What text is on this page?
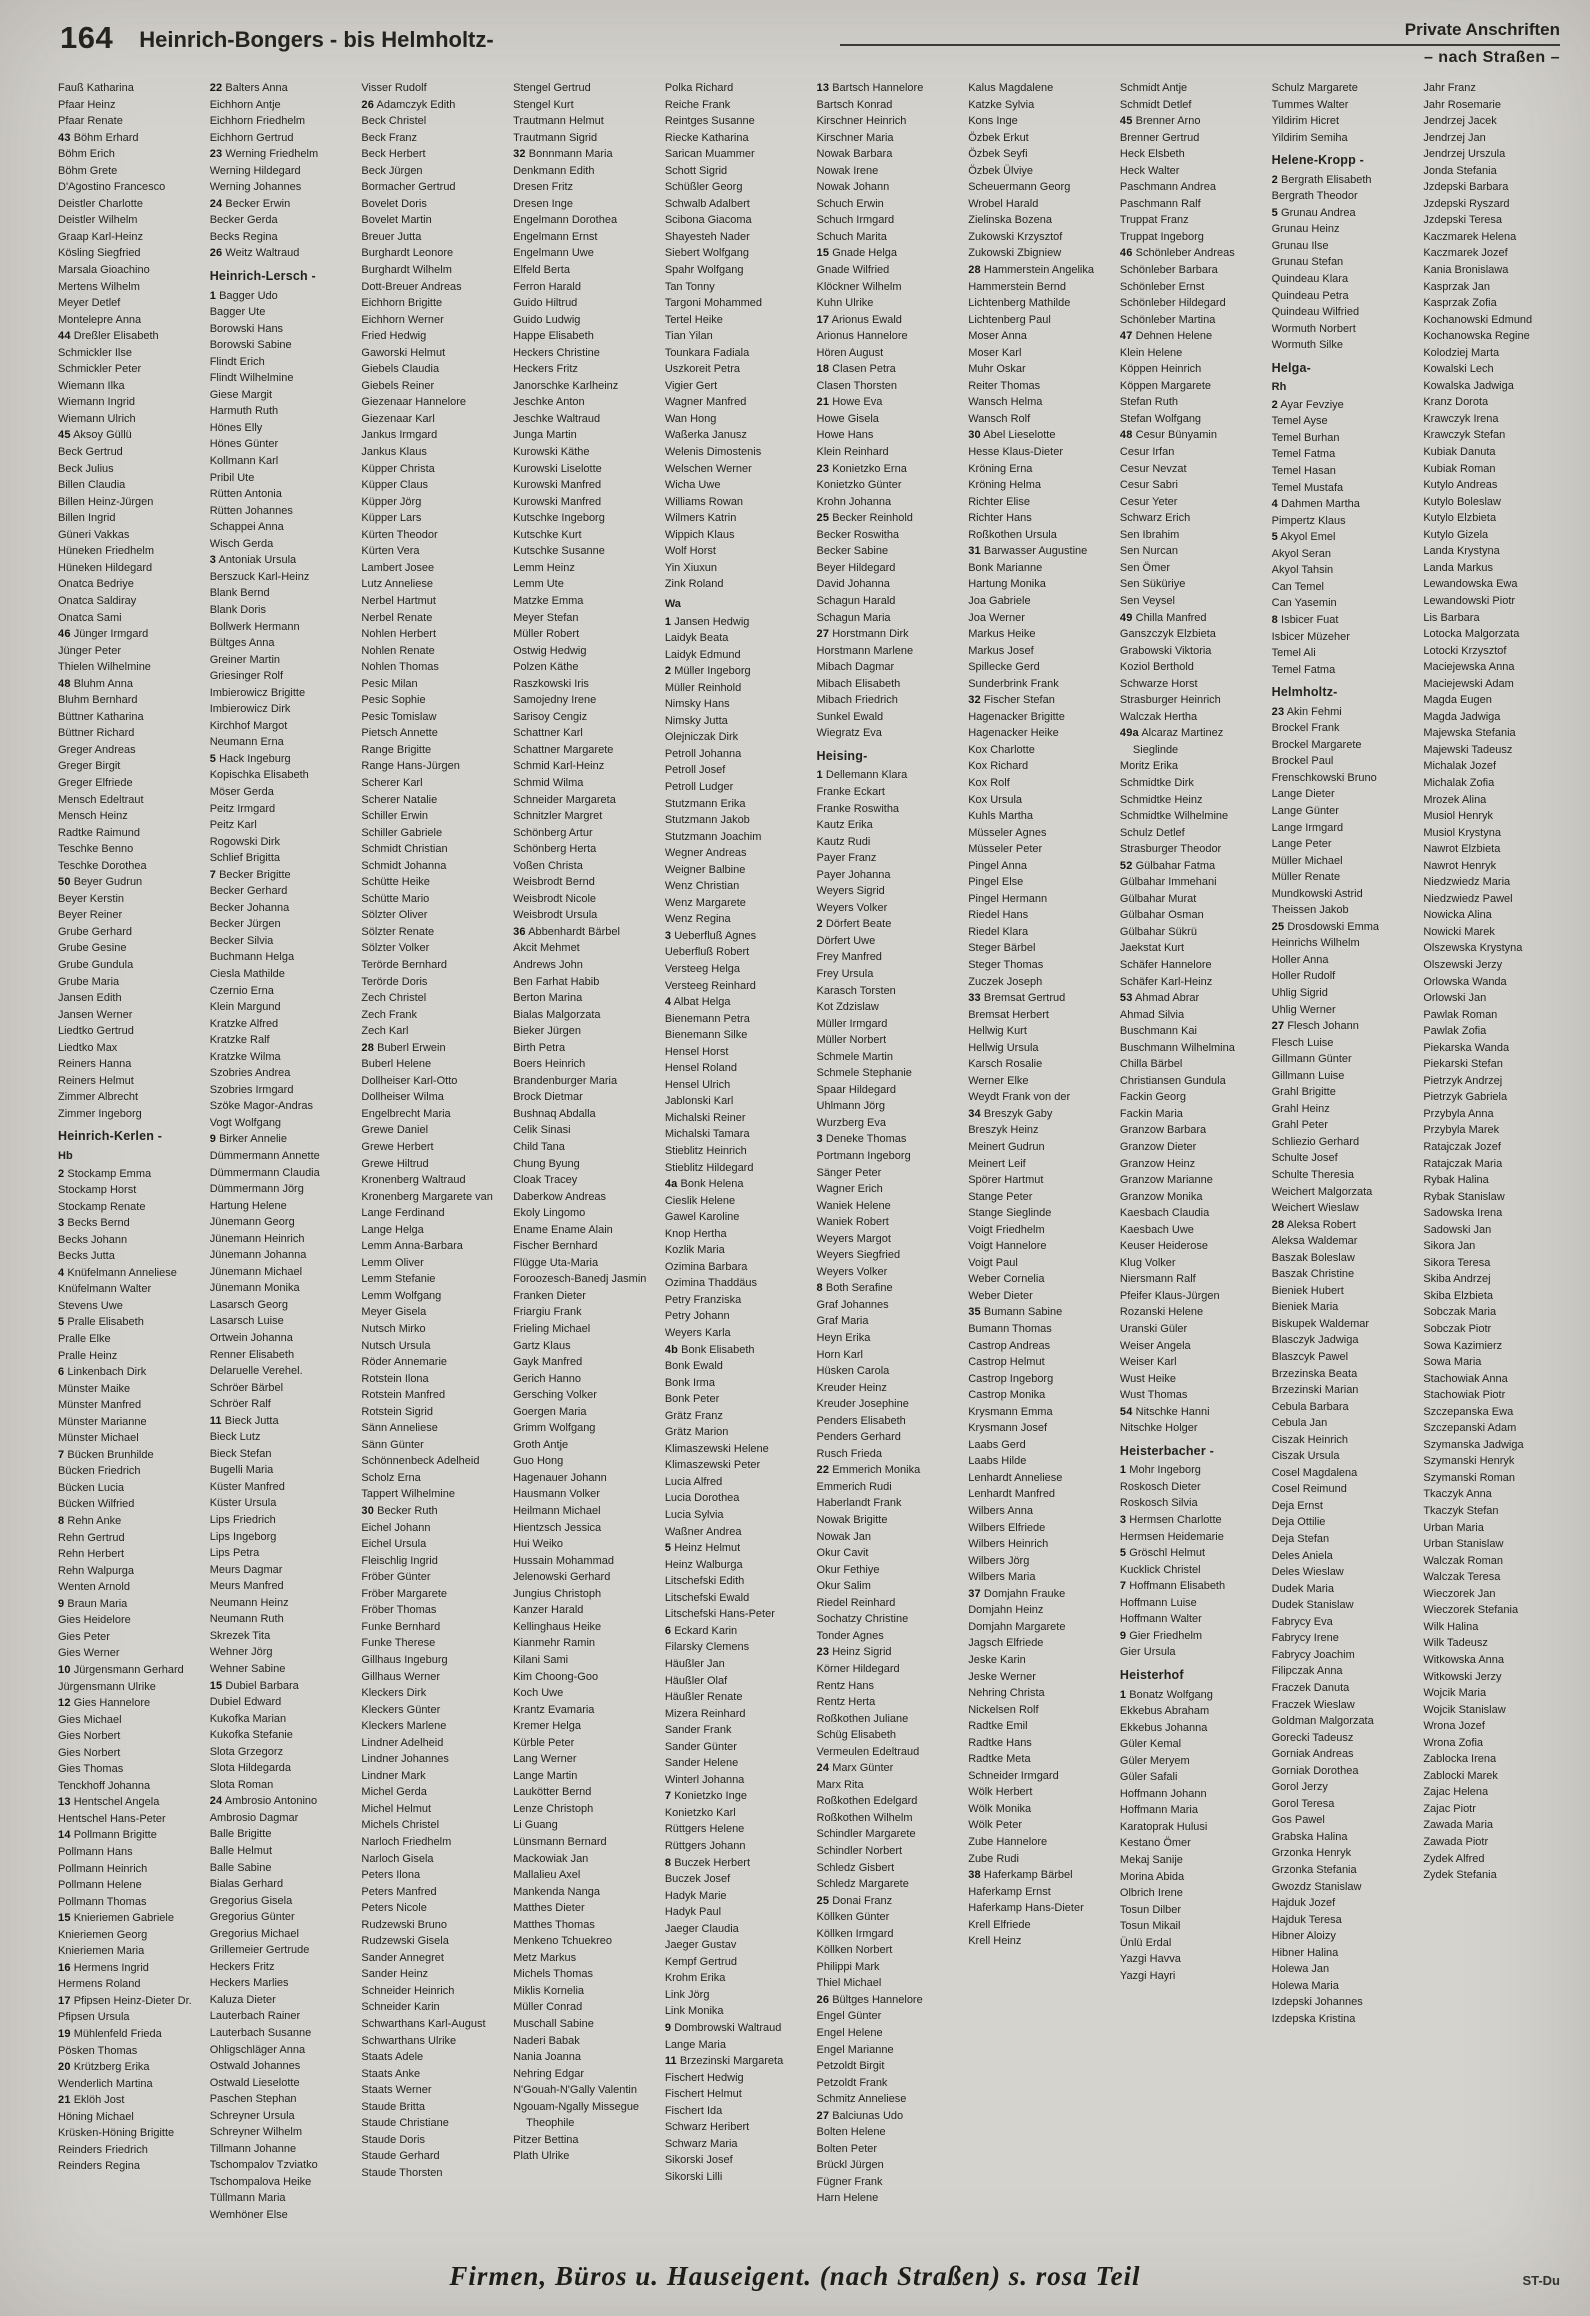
164 Heinrich-Bongers - bis Helmholtz-	Private Anschriften
– nach Straßen –
Fauß Katharina
Pfaar Heinz
Pfaar Renate
43 Böhm Erhard
Böhm Erich
Böhm Grete
D'Agostino Francesco
Deistler Charlotte
Deistler Wilhelm
Graap Karl-Heinz
Kösling Siegfried
Marsala Gioachino
Mertens Wilhelm
Meyer Detlef
Montelepre Anna
44 Dreßler Elisabeth
Schmickler Ilse
Schmickler Peter
Wiemann Ilka
Wiemann Ingrid
Wiemann Ulrich
45 Aksoy Güllü
Beck Gertrud
Beck Julius
Billen Claudia
Billen Heinz-Jürgen
Billen Ingrid
Güneri Vakkas
Hüneken Friedhelm
Hüneken Hildegard
Onatca Bedriye
Onatca Saldiray
Onatca Sami
46 Jünger Irmgard
Jünger Peter
Thielen Wilhelmine
48 Bluhm Anna
Bluhm Bernhard
Büttner Katharina
Büttner Richard
Greger Andreas
Greger Birgit
Greger Elfriede
Mensch Edeltraut
Mensch Heinz
Radtke Raimund
Teschke Benno
Teschke Dorothea
50 Beyer Gudrun
Beyer Kerstin
Beyer Reiner
Grube Gerhard
Grube Gesine
Grube Gundula
Grube Maria
Jansen Edith
Jansen Werner
Liedtko Gertrud
Liedtko Max
Reiners Hanna
Reiners Helmut
Zimmer Albrecht
Zimmer Ingeborg
Heinrich-Kerlen -
Hb
2 Stockamp Emma
Stockamp Horst
Stockamp Renate
3 Becks Bernd
Becks Johann
Becks Jutta
4 Knüfelmann Anneliese
Knüfelmann Walter
Stevens Uwe
5 Pralle Elisabeth
Pralle Elke
Pralle Heinz
6 Linkenbach Dirk
Münster Maike
Münster Manfred
Münster Marianne
Münster Michael
7 Bücken Brunhilde
Bücken Friedrich
Bücken Lucia
Bücken Wilfried
8 Rehn Anke
Rehn Gertrud
Rehn Herbert
Rehn Walpurga
Wenten Arnold
9 Braun Maria
Gies Heidelore
Gies Peter
Gies Werner
10 Jürgensmann Gerhard
Jürgensmann Ulrike
12 Gies Hannelore
Gies Michael
Gies Norbert
Gies Norbert
Gies Thomas
Tenckhoff Johanna
13 Hentschel Angela
Hentschel Hans-Peter
14 Pollmann Brigitte
Pollmann Hans
Pollmann Heinrich
Pollmann Helene
Pollmann Thomas
15 Knieriemen Gabriele
Knieriemen Georg
Knieriemen Maria
16 Hermens Ingrid
Hermens Roland
17 Pfipsen Heinz-Dieter Dr.
Pfipsen Ursula
19 Mühlenfeld Frieda
Pösken Thomas
20 Krützberg Erika
Wenderlich Martina
21 Eklöh Jost
Höning Michael
Krüsken-Höning Brigitte
Reinders Friedrich
Reinders Regina
22 Balters Anna
Eichhorn Antje
Eichhorn Friedhelm
Eichhorn Gertrud
23 Werning Friedhelm
Werning Hildegard
Werning Johannes
24 Becker Erwin
Becker Gerda
Becks Regina
26 Weitz Waltraud
Heinrich-Lersch -
1 Bagger Udo
Bagger Ute
Borowski Hans
Borowski Sabine
Flindt Erich
Flindt Wilhelmine
Giese Margit
Harmuth Ruth
Hönes Elly
Hönes Günter
Kollmann Karl
Pribil Ute
Rütten Antonia
Rütten Johannes
Schappei Anna
Wisch Gerda
3 Antoniak Ursula
Berszuck Karl-Heinz
Blank Bernd
Blank Doris
Bollwerk Hermann
Bültges Anna
Greiner Martin
Griesinger Rolf
Imbierowicz Brigitte
Imbierowicz Dirk
Kirchhof Margot
Neumann Erna
5 Hack Ingeburg
Kopischka Elisabeth
Möser Gerda
Peitz Irmgard
Peitz Karl
Rogowski Dirk
Schlief Brigitta
7 Becker Brigitte
Becker Gerhard
Becker Johanna
Becker Jürgen
Becker Silvia
Buchmann Helga
Ciesla Mathilde
Czernio Erna
Klein Margund
Kratzke Alfred
Kratzke Ralf
Kratzke Wilma
Szobries Andrea
Szobries Irmgard
Szöke Magor-Andras
Vogt Wolfgang
9 Birker Annelie
Dümmermann Annette
Dümmermann Claudia
Dümmermann Jörg
Hartung Helene
Jünemann Georg
Jünemann Heinrich
Jünemann Johanna
Jünemann Michael
Jünemann Monika
Lasarsch Georg
Lasarsch Luise
Ortwein Johanna
Renner Elisabeth
Delaruelle Verehel.
Schröer Bärbel
Schröer Ralf
11 Bieck Jutta
Bieck Lutz
Bieck Stefan
Bugelli Maria
Küster Manfred
Küster Ursula
Lips Friedrich
Lips Ingeborg
Lips Petra
Meurs Dagmar
Meurs Manfred
Neumann Heinz
Neumann Ruth
Skrezek Tita
Wehner Jörg
Wehner Sabine
15 Dubiel Barbara
Dubiel Edward
Kukofka Marian
Kukofka Stefanie
Slota Grzegorz
Slota Hildegarda
Slota Roman
24 Ambrosio Antonino
Ambrosio Dagmar
Balle Brigitte
Balle Helmut
Balle Sabine
Bialas Gerhard
Gregorius Gisela
Gregorius Günter
Gregorius Michael
Grillemeier Gertrude
Heckers Fritz
Heckers Marlies
Kaluza Dieter
Lauterbach Rainer
Lauterbach Susanne
Ohligschläger Anna
Ostwald Johannes
Ostwald Lieselotte
Paschen Stephan
Schreyner Ursula
Schreyner Wilhelm
Tillmann Johanne
Tschompalov Tzviatko
Tschompalova Heike
Tüllmann Maria
Wemhöner Else
Visser Rudolf
26 Adamczyk Edith
Beck Christel
Beck Franz
Beck Herbert
Beck Jürgen
Bormacher Gertrud
Bovelet Doris
Bovelet Martin
Breuer Jutta
Burghardt Leonore
Burghardt Wilhelm
Dott-Breuer Andreas
Eichhorn Brigitte
Eichhorn Werner
Fried Hedwig
Gaworski Helmut
Giebels Claudia
Giebels Reiner
Giezenaar Hannelore
Giezenaar Karl
Jankus Irmgard
Jankus Klaus
Küpper Christa
Küpper Claus
Küpper Jörg
Küpper Lars
Kürten Theodor
Kürten Vera
Lambert Josee
Lutz Anneliese
Nerbel Hartmut
Nerbel Renate
Nohlen Herbert
Nohlen Renate
Nohlen Thomas
Pesic Milan
Pesic Sophie
Pesic Tomislaw
Pietsch Annette
Range Brigitte
Range Hans-Jürgen
Scherer Karl
Scherer Natalie
Schiller Erwin
Schiller Gabriele
Schmidt Christian
Schmidt Johanna
Schütte Heike
Schütte Mario
Sölzter Oliver
Sölzter Renate
Sölzter Volker
Terörde Bernhard
Terörde Doris
Zech Christel
Zech Frank
Zech Karl
28 Buberl Erwein
Buberl Helene
Dollheiser Karl-Otto
Dollheiser Wilma
Engelbrecht Maria
Grewe Daniel
Grewe Herbert
Grewe Hiltrud
Kronenberg Waltraud
Kronenberg Margarete van
Lange Ferdinand
Lange Helga
Lemm Anna-Barbara
Lemm Oliver
Lemm Stefanie
Lemm Wolfgang
Meyer Gisela
Nutsch Mirko
Nutsch Ursula
Röder Annemarie
Rotstein Ilona
Rotstein Manfred
Rotstein Sigrid
Sänn Anneliese
Sänn Günter
Schönnenbeck Adelheid
Scholz Erna
Tappert Wilhelmine
30 Becker Ruth
Eichel Johann
Eichel Ursula
Fleischlig Ingrid
Fröber Günter
Fröber Margarete
Fröber Thomas
Funke Bernhard
Funke Therese
Gillhaus Ingeburg
Gillhaus Werner
Kleckers Dirk
Kleckers Günter
Kleckers Marlene
Lindner Adelheid
Lindner Johannes
Lindner Mark
Michel Gerda
Michel Helmut
Michels Christel
Narloch Friedhelm
Narloch Gisela
Peters Ilona
Peters Manfred
Peters Nicole
Rudzewski Bruno
Rudzewski Gisela
Sander Annegret
Sander Heinz
Schneider Heinrich
Schneider Karin
Schwarthans Karl-August
Schwarthans Ulrike
Staats Adele
Staats Anke
Staats Werner
Staude Britta
Staude Christiane
Staude Doris
Staude Gerhard
Staude Thorsten
Stengel Gertrud
Stengel Kurt
Trautmann Helmut
Trautmann Sigrid
32 Bonnmann Maria
Denkmann Edith
Dresen Fritz
Dresen Inge
Engelmann Dorothea
Engelmann Ernst
Engelmann Uwe
Elfeld Berta
Ferron Harald
Guido Hiltrud
Guido Ludwig
Happe Elisabeth
Heckers Christine
Heckers Fritz
Janorschke Karlheinz
Jeschke Anton
Jeschke Waltraud
Junga Martin
Kurowski Käthe
Kurowski Liselotte
Kurowski Manfred
Kurowski Manfred
Kutschke Ingeborg
Kutschke Kurt
Kutschke Susanne
Lemm Heinz
Lemm Ute
Matzke Emma
Meyer Stefan
Müller Robert
Ostwig Hedwig
Polzen Käthe
Raszkowski Iris
Samojedny Irene
Sarisoy Cengiz
Schattner Karl
Schattner Margarete
Schmid Karl-Heinz
Schmid Wilma
Schneider Margareta
Schnitzler Margret
Schönberg Artur
Schönberg Herta
Voßen Christa
Weisbrodt Bernd
Weisbrodt Nicole
Weisbrodt Ursula
36 Abbenhardt Bärbel
Akcit Mehmet
Andrews John
Ben Farhat Habib
Berton Marina
Bialas Malgorzata
Bieker Jürgen
Birth Petra
Boers Heinrich
Brandenburger Maria
Brock Dietmar
Bushnaq Abdalla
Celik Sinasi
Child Tana
Chung Byung
Cloak Tracey
Daberkow Andreas
Ekoly Lingomo
Ename Ename Alain
Fischer Bernhard
Flügge Uta-Maria
Foroozesch-Banedj Jasmin
Franken Dieter
Friargiu Frank
Frieling Michael
Gartz Klaus
Gayk Manfred
Gerich Hanno
Gersching Volker
Goergen Maria
Grimm Wolfgang
Groth Antje
Guo Hong
Hagenauer Johann
Hausmann Volker
Heilmann Michael
Hientzsch Jessica
Hui Weiko
Hussain Mohammad
Jelenowski Gerhard
Jungius Christoph
Kanzer Harald
Kellinghaus Heike
Kianmehr Ramin
Kilani Sami
Kim Choong-Goo
Koch Uwe
Krantz Evamaria
Kremer Helga
Kürble Peter
Lang Werner
Lange Martin
Laukötter Bernd
Lenze Christoph
Li Guang
Lünsmann Bernard
Mackowiak Jan
Mallalieu Axel
Mankenda Nanga
Matthes Dieter
Matthes Thomas
Menkeno Tchuekreo
Metz Markus
Michels Thomas
Miklis Kornelia
Müller Conrad
Muschall Sabine
Naderi Babak
Nania Joanna
Nehring Edgar
N'Gouah-N'Gally Valentin
Ngouam-Ngally Missegue Theophile
Pitzer Bettina
Plath Ulrike
Polka Richard
Reiche Frank
Reintges Susanne
Riecke Katharina
Sarican Muammer
Schott Sigrid
Schüßler Georg
Schwalb Adalbert
Scibona Giacoma
Shayesteh Nader
Siebert Wolfgang
Spahr Wolfgang
Tan Tonny
Targoni Mohammed
Tertel Heike
Tian Yilan
Tounkara Fadiala
Uszkoreit Petra
Vigier Gert
Wagner Manfred
Wan Hong
Waßerka Janusz
Welenis Dimostenis
Welschen Werner
Wicha Uwe
Williams Rowan
Wilmers Katrin
Wippich Klaus
Wolf Horst
Yin Xiuxun
Zink Roland
Wa
1 Jansen Hedwig
Laidyk Beata
Laidyk Edmund
2 Müller Ingeborg
Müller Reinhold
Nimsky Hans
Nimsky Jutta
Olejniczak Dirk
Petroll Johanna
Petroll Josef
Petroll Ludger
Stutzmann Erika
Stutzmann Jakob
Stutzmann Joachim
Wegner Andreas
Weigner Balbine
Wenz Christian
Wenz Margarete
Wenz Regina
3 Ueberfluß Agnes
Ueberfluß Robert
Versteeg Helga
Versteeg Reinhard
4 Albat Helga
Bienemann Petra
Bienemann Silke
Hensel Horst
Hensel Roland
Hensel Ulrich
Jablonski Karl
Michalski Reiner
Michalski Tamara
Stieblitz Heinrich
Stieblitz Hildegard
4a Bonk Helena
Cieslik Helene
Gawel Karoline
Knop Hertha
Kozlik Maria
Ozimina Barbara
Ozimina Thaddäus
Petry Franziska
Petry Johann
Weyers Karla
4b Bonk Elisabeth
Bonk Ewald
Bonk Irma
Bonk Peter
Grätz Franz
Grätz Marion
Klimaszewski Helene
Klimaszewski Peter
Lucia Alfred
Lucia Dorothea
Lucia Sylvia
Waßner Andrea
5 Heinz Helmut
Heinz Walburga
Litschefski Edith
Litschefski Ewald
Litschefski Hans-Peter
6 Eckard Karin
Filarsky Clemens
Häußler Jan
Häußler Olaf
Häußler Renate
Mizera Reinhard
Sander Frank
Sander Günter
Sander Helene
Winterl Johanna
7 Konietzko Inge
Konietzko Karl
Rüttgers Helene
Rüttgers Johann
8 Buczek Herbert
Buczek Josef
Hadyk Marie
Hadyk Paul
Jaeger Claudia
Jaeger Gustav
Kempf Gertrud
Krohm Erika
Link Jörg
Link Monika
9 Dombrowski Waltraud
Lange Maria
11 Brzezinski Margareta
Fischert Hedwig
Fischert Helmut
Fischert Ida
Schwarz Heribert
Schwarz Maria
Sikorski Josef
Sikorski Lilli
13 Bartsch Hannelore
Bartsch Konrad
Kirschner Heinrich
Kirschner Maria
Nowak Barbara
Nowak Irene
Nowak Johann
Schuch Erwin
Schuch Irmgard
Schuch Marita
15 Gnade Helga
Gnade Wilfried
Klöckner Wilhelm
Kuhn Ulrike
17 Arionus Ewald
Arionus Hannelore
Hören August
18 Clasen Petra
Clasen Thorsten
21 Howe Eva
Howe Gisela
Howe Hans
Klein Reinhard
23 Konietzko Erna
Konietzko Günter
Krohn Johanna
25 Becker Reinhold
Becker Roswitha
Becker Sabine
Beyer Hildegard
David Johanna
Schagun Harald
Schagun Maria
27 Horstmann Dirk
Horstmann Marlene
Mibach Dagmar
Mibach Elisabeth
Mibach Friedrich
Sunkel Ewald
Wiegratz Eva
Heising-
1 Dellemann Klara
Franke Eckart
Franke Roswitha
Kautz Erika
Kautz Rudi
Payer Franz
Payer Johanna
Weyers Sigrid
Weyers Volker
2 Dörfert Beate
Dörfert Uwe
Frey Manfred
Frey Ursula
Karasch Torsten
Kot Zdzislaw
Müller Irmgard
Müller Norbert
Schmele Martin
Schmele Stephanie
Spaar Hildegard
Uhlmann Jörg
Wurzberg Eva
3 Deneke Thomas
Portmann Ingeborg
Sänger Peter
Wagner Erich
Waniek Helene
Waniek Robert
Weyers Margot
Weyers Siegfried
Weyers Volker
8 Both Serafine
Graf Johannes
Graf Maria
Heyn Erika
Horn Karl
Hüsken Carola
Kreuder Heinz
Kreuder Josephine
Penders Elisabeth
Penders Gerhard
Rusch Frieda
22 Emmerich Monika
Emmerich Rudi
Haberlandt Frank
Nowak Brigitte
Nowak Jan
Okur Cavit
Okur Fethiye
Okur Salim
Riedel Reinhard
Sochatzy Christine
Tonder Agnes
23 Heinz Sigrid
Körner Hildegard
Rentz Hans
Rentz Herta
Roßkothen Juliane
Schüg Elisabeth
Vermeulen Edeltraud
24 Marx Günter
Marx Rita
Roßkothen Edelgard
Roßkothen Wilhelm
Schindler Margarete
Schindler Norbert
Schledz Gisbert
Schledz Margarete
25 Donai Franz
Köllken Günter
Köllken Irmgard
Köllken Norbert
Philippi Mark
Thiel Michael
26 Bültges Hannelore
Engel Günter
Engel Helene
Engel Marianne
Petzoldt Birgit
Petzoldt Frank
Schmitz Anneliese
27 Balciunas Udo
Bolten Helene
Bolten Peter
Brückl Jürgen
Fügner Frank
Harn Helene
Kalus Magdalene
Katzke Sylvia
Kons Inge
Özbek Erkut
Özbek Seyfi
Özbek Ülviye
Scheuermann Georg
Wrobel Harald
Zielinska Bozena
Zukowski Krzysztof
Zukowski Zbigniew
28 Hammerstein Angelika
Hammerstein Bernd
Lichtenberg Mathilde
Lichtenberg Paul
Moser Anna
Moser Karl
Muhr Oskar
Reiter Thomas
Wansch Helma
Wansch Rolf
30 Abel Lieselotte
Hesse Klaus-Dieter
Kröning Erna
Kröning Helma
Richter Elise
Richter Hans
Roßkothen Ursula
31 Barwasser Augustine
Bonk Marianne
Hartung Monika
Joa Gabriele
Joa Werner
Markus Heike
Markus Josef
Spillecke Gerd
Sunderbrink Frank
32 Fischer Stefan
Hagenacker Brigitte
Hagenacker Heike
Kox Charlotte
Kox Richard
Kox Rolf
Kox Ursula
Kuhls Martha
Müsseler Agnes
Müsseler Peter
Pingel Anna
Pingel Else
Pingel Hermann
Riedel Hans
Riedel Klara
Steger Bärbel
Steger Thomas
Zuczek Joseph
33 Bremsat Gertrud
Bremsat Herbert
Hellwig Kurt
Hellwig Ursula
Karsch Rosalie
Werner Elke
Weydt Frank von der
34 Breszyk Gaby
Breszyk Heinz
Meinert Gudrun
Meinert Leif
Spörer Hartmut
Stange Peter
Stange Sieglinde
Voigt Friedhelm
Voigt Hannelore
Voigt Paul
Weber Cornelia
Weber Dieter
35 Bumann Sabine
Bumann Thomas
Castrop Andreas
Castrop Helmut
Castrop Ingeborg
Castrop Monika
Krysmann Emma
Krysmann Josef
Laabs Gerd
Laabs Hilde
Lenhardt Anneliese
Lenhardt Manfred
Wilbers Anna
Wilbers Elfriede
Wilbers Heinrich
Wilbers Jörg
Wilbers Maria
37 Domjahn Frauke
Domjahn Heinz
Domjahn Margarete
Jagsch Elfriede
Jeske Karin
Jeske Werner
Nehring Christa
Nickelsen Rolf
Radtke Emil
Radtke Hans
Radtke Meta
Schneider Irmgard
Wölk Herbert
Wölk Monika
Wölk Peter
Zube Hannelore
Zube Rudi
38 Haferkamp Bärbel
Haferkamp Ernst
Haferkamp Hans-Dieter
Krell Elfriede
Krell Heinz
Schmidt Antje
Schmidt Detlef
45 Brenner Arno
Brenner Gertrud
Heck Elsbeth
Heck Walter
Paschmann Andrea
Paschmann Ralf
Truppat Franz
Truppat Ingeborg
46 Schönleber Andreas
Schönleber Barbara
Schönleber Ernst
Schönleber Hildegard
Schönleber Martina
47 Dehnen Helene
Klein Helene
Köppen Heinrich
Köppen Margarete
Stefan Ruth
Stefan Wolfgang
48 Cesur Bünyamin
Cesur Irfan
Cesur Nevzat
Cesur Sabri
Cesur Yeter
Schwarz Erich
Sen Ibrahim
Sen Nurcan
Sen Ömer
Sen Süküriye
Sen Veysel
49 Chilla Manfred
Ganszczyk Elzbieta
Grabowski Viktoria
Koziol Berthold
Schwarze Horst
Strasburger Heinrich
Walczak Hertha
49a Alcaraz Martinez Sieglinde
Moritz Erika
Schmidtke Dirk
Schmidtke Heinz
Schmidtke Wilhelmine
Schulz Detlef
Strasburger Theodor
52 Gülbahar Fatma
Gülbahar Immehani
Gülbahar Murat
Gülbahar Osman
Gülbahar Sükrü
Jaekstat Kurt
Schäfer Hannelore
Schäfer Karl-Heinz
53 Ahmad Abrar
Ahmad Silvia
Buschmann Kai
Buschmann Wilhelmina
Chilla Bärbel
Christiansen Gundula
Fackin Georg
Fackin Maria
Granzow Barbara
Granzow Dieter
Granzow Heinz
Granzow Marianne
Granzow Monika
Kaesbach Claudia
Kaesbach Uwe
Keuser Heiderose
Klug Volker
Niersmann Ralf
Pfeifer Klaus-Jürgen
Rozanski Helene
Uranski Güler
Weiser Angela
Weiser Karl
Wust Heike
Wust Thomas
54 Nitschke Hanni
Nitschke Holger
Heisterbacher -
1 Mohr Ingeborg
Roskosch Dieter
Roskosch Silvia
3 Hermsen Charlotte
Hermsen Heidemarie
5 Gröschl Helmut
Kucklick Christel
7 Hoffmann Elisabeth
Hoffmann Luise
Hoffmann Walter
9 Gier Friedhelm
Gier Ursula
Heisterhof
1 Bonatz Wolfgang
Ekkebus Abraham
Ekkebus Johanna
Güler Kemal
Güler Meryem
Güler Safali
Hoffmann Johann
Hoffmann Maria
Karatoprak Hulusi
Kestano Ömer
Mekaj Sanije
Morina Abida
Olbrich Irene
Tosun Dilber
Tosun Mikail
Ünlü Erdal
Yazgi Havva
Yazgi Hayri
Schulz Margarete
Tummes Walter
Yildirim Hicret
Yildirim Semiha
Helene-Kropp -
2 Bergrath Elisabeth
Bergrath Theodor
5 Grunau Andrea
Grunau Heinz
Grunau Ilse
Grunau Stefan
Quindeau Klara
Quindeau Petra
Quindeau Wilfried
Wormuth Norbert
Wormuth Silke
Helga-
Rh
2 Ayar Fevziye
Temel Ayse
Temel Burhan
Temel Fatma
Temel Hasan
Temel Mustafa
4 Dahmen Martha
Pimpertz Klaus
5 Akyol Emel
Akyol Seran
Akyol Tahsin
Can Temel
Can Yasemin
8 Isbicer Fuat
Isbicer Müzeher
Temel Ali
Temel Fatma
Helmholtz-
23 Akin Fehmi
Brockel Frank
Brockel Margarete
Brockel Paul
Frenschkowski Bruno
Lange Dieter
Lange Günter
Lange Irmgard
Lange Peter
Müller Michael
Müller Renate
Mundkowski Astrid
Theissen Jakob
25 Drosdowski Emma
Heinrichs Wilhelm
Holler Anna
Holler Rudolf
Uhlig Sigrid
Uhlig Werner
27 Flesch Johann
Flesch Luise
Gillmann Günter
Gillmann Luise
Grahl Brigitte
Grahl Heinz
Grahl Peter
Schliezio Gerhard
Schulte Josef
Schulte Theresia
Weichert Malgorzata
Weichert Wieslaw
28 Aleksa Robert
Aleksa Waldemar
Baszak Boleslaw
Baszak Christine
Bieniek Hubert
Bieniek Maria
Biskupek Waldemar
Blasczyk Jadwiga
Blaszcyk Pawel
Brzezinska Beata
Brzezinski Marian
Cebula Barbara
Cebula Jan
Ciszak Heinrich
Ciszak Ursula
Cosel Magdalena
Cosel Reimund
Deja Ernst
Deja Ottilie
Deja Stefan
Deles Aniela
Deles Wieslaw
Dudek Maria
Dudek Stanislaw
Fabrycy Eva
Fabrycy Irene
Fabrycy Joachim
Filipczak Anna
Fraczek Danuta
Fraczek Wieslaw
Goldman Malgorzata
Gorecki Tadeusz
Gorniak Andreas
Gorniak Dorothea
Gorol Jerzy
Gorol Teresa
Gos Pawel
Grabska Halina
Grzonka Henryk
Grzonka Stefania
Gwozdz Stanislaw
Hajduk Jozef
Hajduk Teresa
Hibner Aloizy
Hibner Halina
Holewa Jan
Holewa Maria
Izdepski Johannes
Izdepska Kristina
Jahr Franz
Jahr Rosemarie
Jendrzej Jacek
Jendrzej Jan
Jendrzej Urszula
Jonda Stefania
Jzdepski Barbara
Jzdepski Ryszard
Jzdepski Teresa
Kaczmarek Helena
Kaczmarek Jozef
Kania Bronislawa
Kasprzak Jan
Kasprzak Zofia
Kochanowski Edmund
Kochanowska Regine
Kolodziej Marta
Kowalski Lech
Kowalska Jadwiga
Kranz Dorota
Krawczyk Irena
Krawczyk Stefan
Kubiak Danuta
Kubiak Roman
Kutylo Andreas
Kutylo Boleslaw
Kutylo Elzbieta
Kutylo Gizela
Landa Krystyna
Landa Markus
Lewandowska Ewa
Lewandowski Piotr
Lis Barbara
Lotocka Malgorzata
Lotocki Krzysztof
Maciejewska Anna
Maciejewski Adam
Magda Eugen
Magda Jadwiga
Majewska Stefania
Majewski Tadeusz
Michalak Jozef
Michalak Zofia
Mrozek Alina
Musiol Henryk
Musiol Krystyna
Nawrot Elzbieta
Nawrot Henryk
Niedzwiedz Maria
Niedzwiedz Pawel
Nowicka Alina
Nowicki Marek
Olszewska Krystyna
Olszewski Jerzy
Orlowska Wanda
Orlowski Jan
Pawlak Roman
Pawlak Zofia
Piekarska Wanda
Piekarski Stefan
Pietrzyk Andrzej
Pietrzyk Gabriela
Przybyla Anna
Przybyla Marek
Ratajczak Jozef
Ratajczak Maria
Rybak Halina
Rybak Stanislaw
Sadowska Irena
Sadowski Jan
Sikora Jan
Sikora Teresa
Skiba Andrzej
Skiba Elzbieta
Sobczak Maria
Sobczak Piotr
Sowa Kazimierz
Sowa Maria
Stachowiak Anna
Stachowiak Piotr
Szczepanska Ewa
Szczepanski Adam
Szymanska Jadwiga
Szymanski Henryk
Szymanski Roman
Tkaczyk Anna
Tkaczyk Stefan
Urban Maria
Urban Stanislaw
Walczak Roman
Walczak Teresa
Wieczorek Jan
Wieczorek Stefania
Wilk Halina
Wilk Tadeusz
Witkowska Anna
Witkowski Jerzy
Wojcik Maria
Wojcik Stanislaw
Wrona Jozef
Wrona Zofia
Zablocka Irena
Zablocki Marek
Zajac Helena
Zajac Piotr
Zawada Maria
Zawada Piotr
Zydek Alfred
Zydek Stefania
Firmen, Büros u. Hauseigent. (nach Straßen) s. rosa Teil	ST-Du
